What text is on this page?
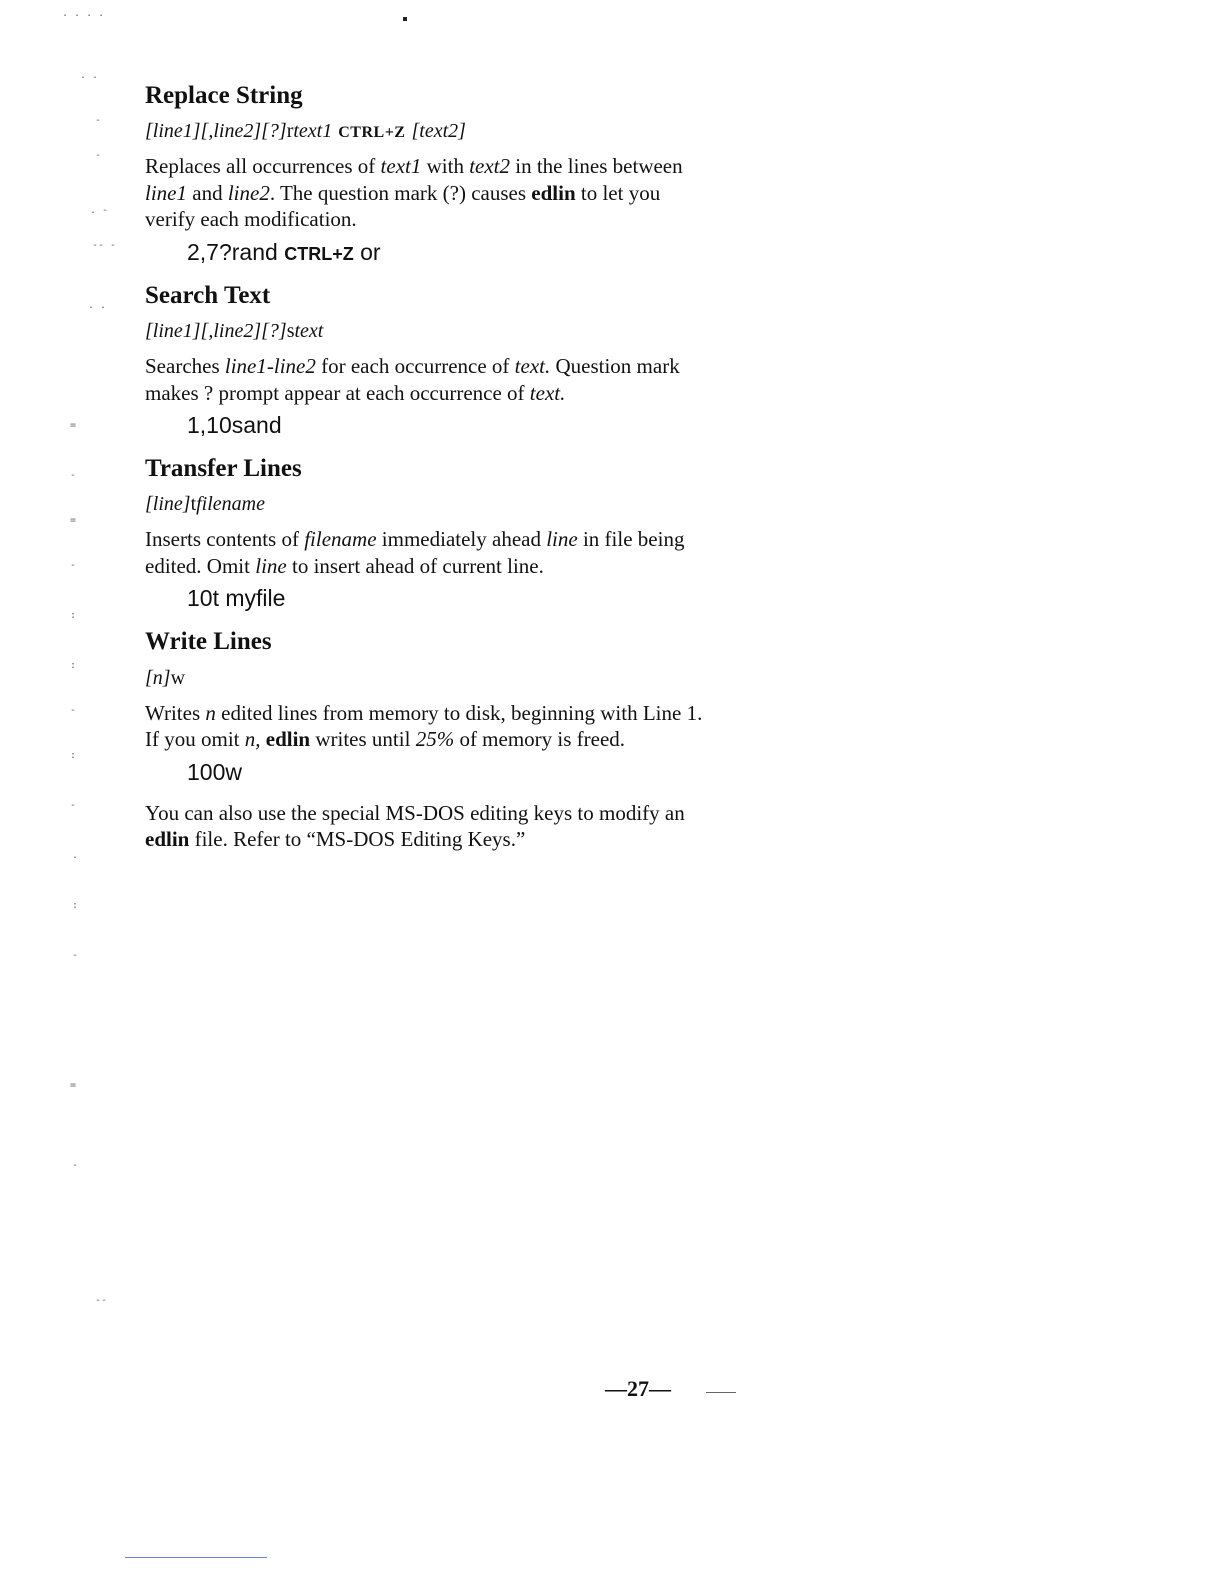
. . . .
. .
-
-
. -
-- -
. .
=
-
=
-
:
:
-
:
-
.
:
-
=
-
--
Replace String
[line1][,line2][?]rtext1 CTRL+Z [text2]

Replaces all occurrences of text1 with text2 in the lines between line1 and line2. The question mark (?) causes edlin to let you verify each modification.

2,7?rand CTRL+Z or
Search Text
[line1][,line2][?]stext

Searches line1-line2 for each occurrence of text. Question mark makes ? prompt appear at each occurrence of text.

1,10sand
Transfer Lines
[line]tfilename

Inserts contents of filename immediately ahead line in file being edited. Omit line to insert ahead of current line.

10t myfile
Write Lines
[n]w

Writes n edited lines from memory to disk, beginning with Line 1. If you omit n, edlin writes until 25% of memory is freed.

100w

You can also use the special MS-DOS editing keys to modify an edlin file. Refer to “MS-DOS Editing Keys.”

—27—
